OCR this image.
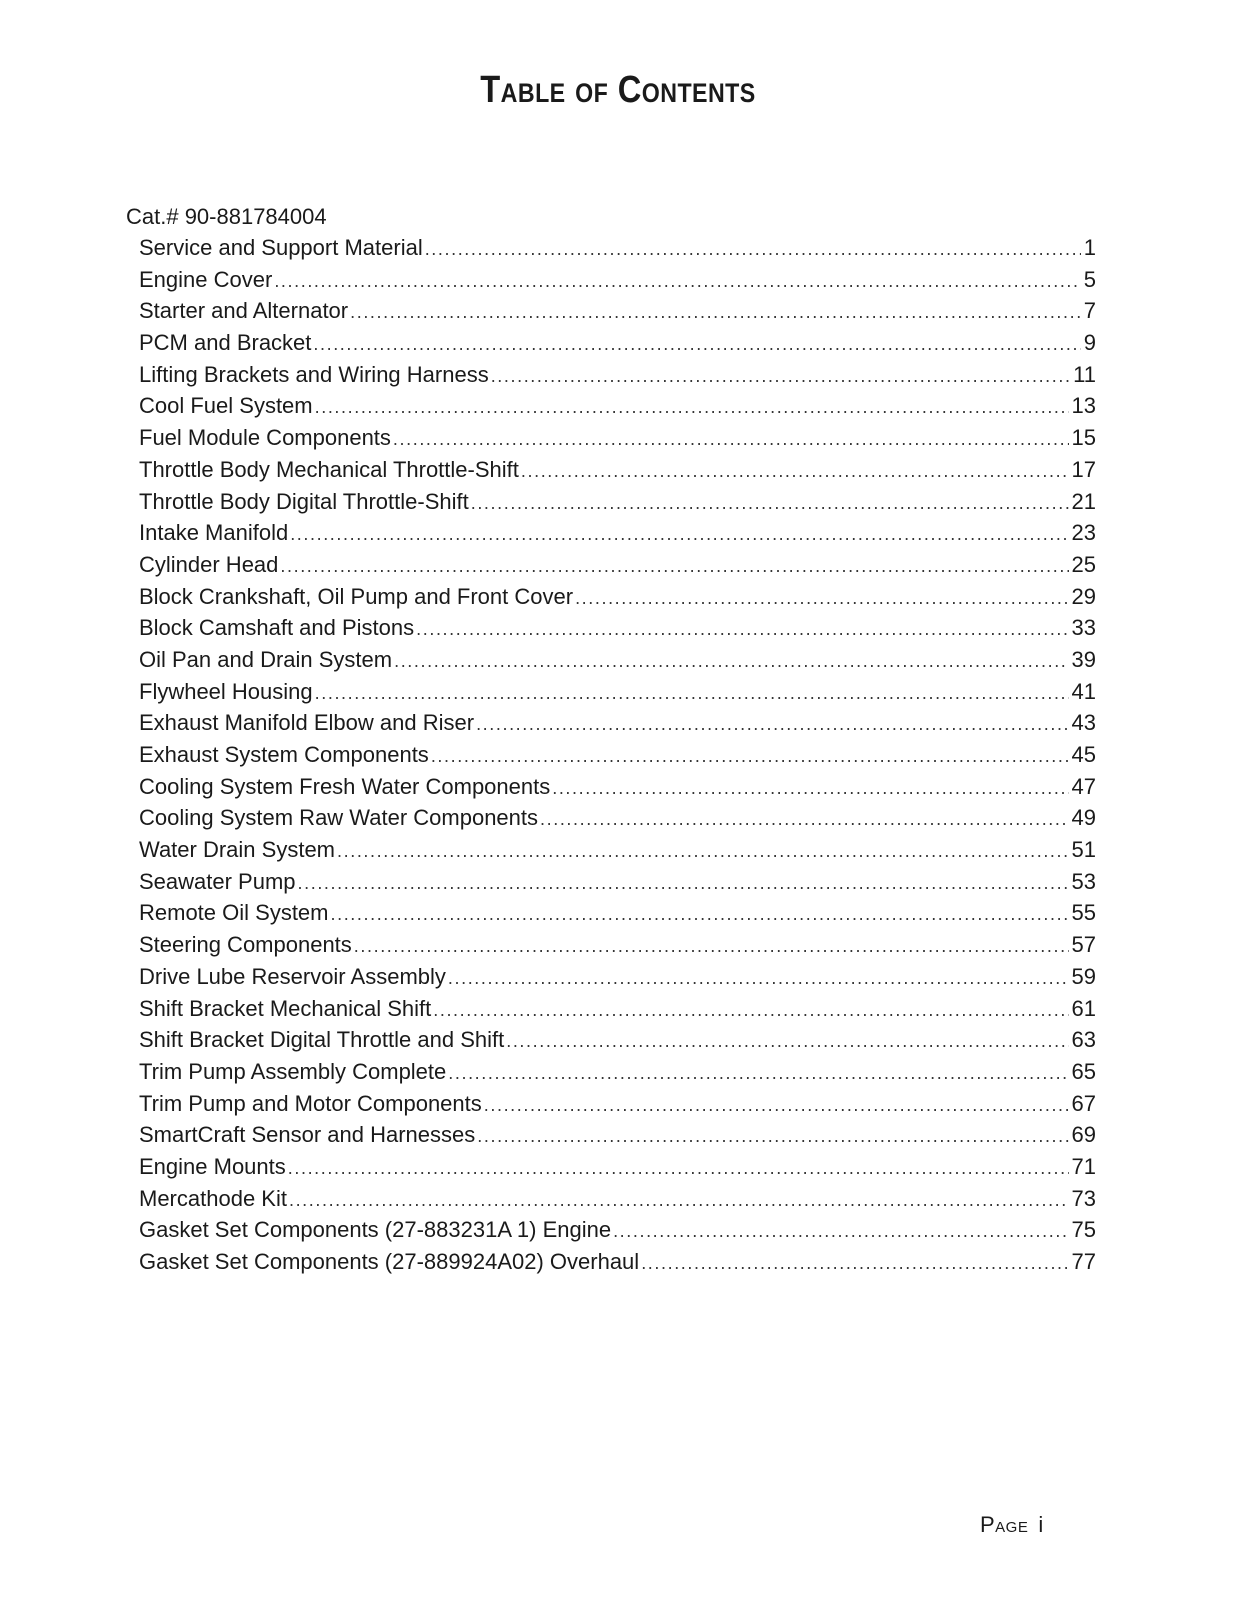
Table of Contents
Cat.# 90-881784004
Service and Support Material .....	1
Engine Cover .....	5
Starter and Alternator .....	7
PCM and Bracket .....	9
Lifting Brackets and Wiring Harness .....	11
Cool Fuel System .....	13
Fuel Module Components .....	15
Throttle Body Mechanical Throttle-Shift .....	17
Throttle Body Digital Throttle-Shift .....	21
Intake Manifold .....	23
Cylinder Head .....	25
Block Crankshaft, Oil Pump and Front Cover .....	29
Block Camshaft and Pistons .....	33
Oil Pan and Drain System .....	39
Flywheel Housing .....	41
Exhaust Manifold Elbow and Riser .....	43
Exhaust System Components .....	45
Cooling System Fresh Water Components .....	47
Cooling System Raw Water Components .....	49
Water Drain System .....	51
Seawater Pump .....	53
Remote Oil System .....	55
Steering Components .....	57
Drive Lube Reservoir Assembly .....	59
Shift Bracket Mechanical Shift .....	61
Shift Bracket Digital Throttle and Shift .....	63
Trim Pump Assembly Complete .....	65
Trim Pump and Motor Components .....	67
SmartCraft Sensor and Harnesses .....	69
Engine Mounts .....	71
Mercathode Kit .....	73
Gasket Set Components (27-883231A 1) Engine .....	75
Gasket Set Components (27-889924A02) Overhaul .....	77
Page i
